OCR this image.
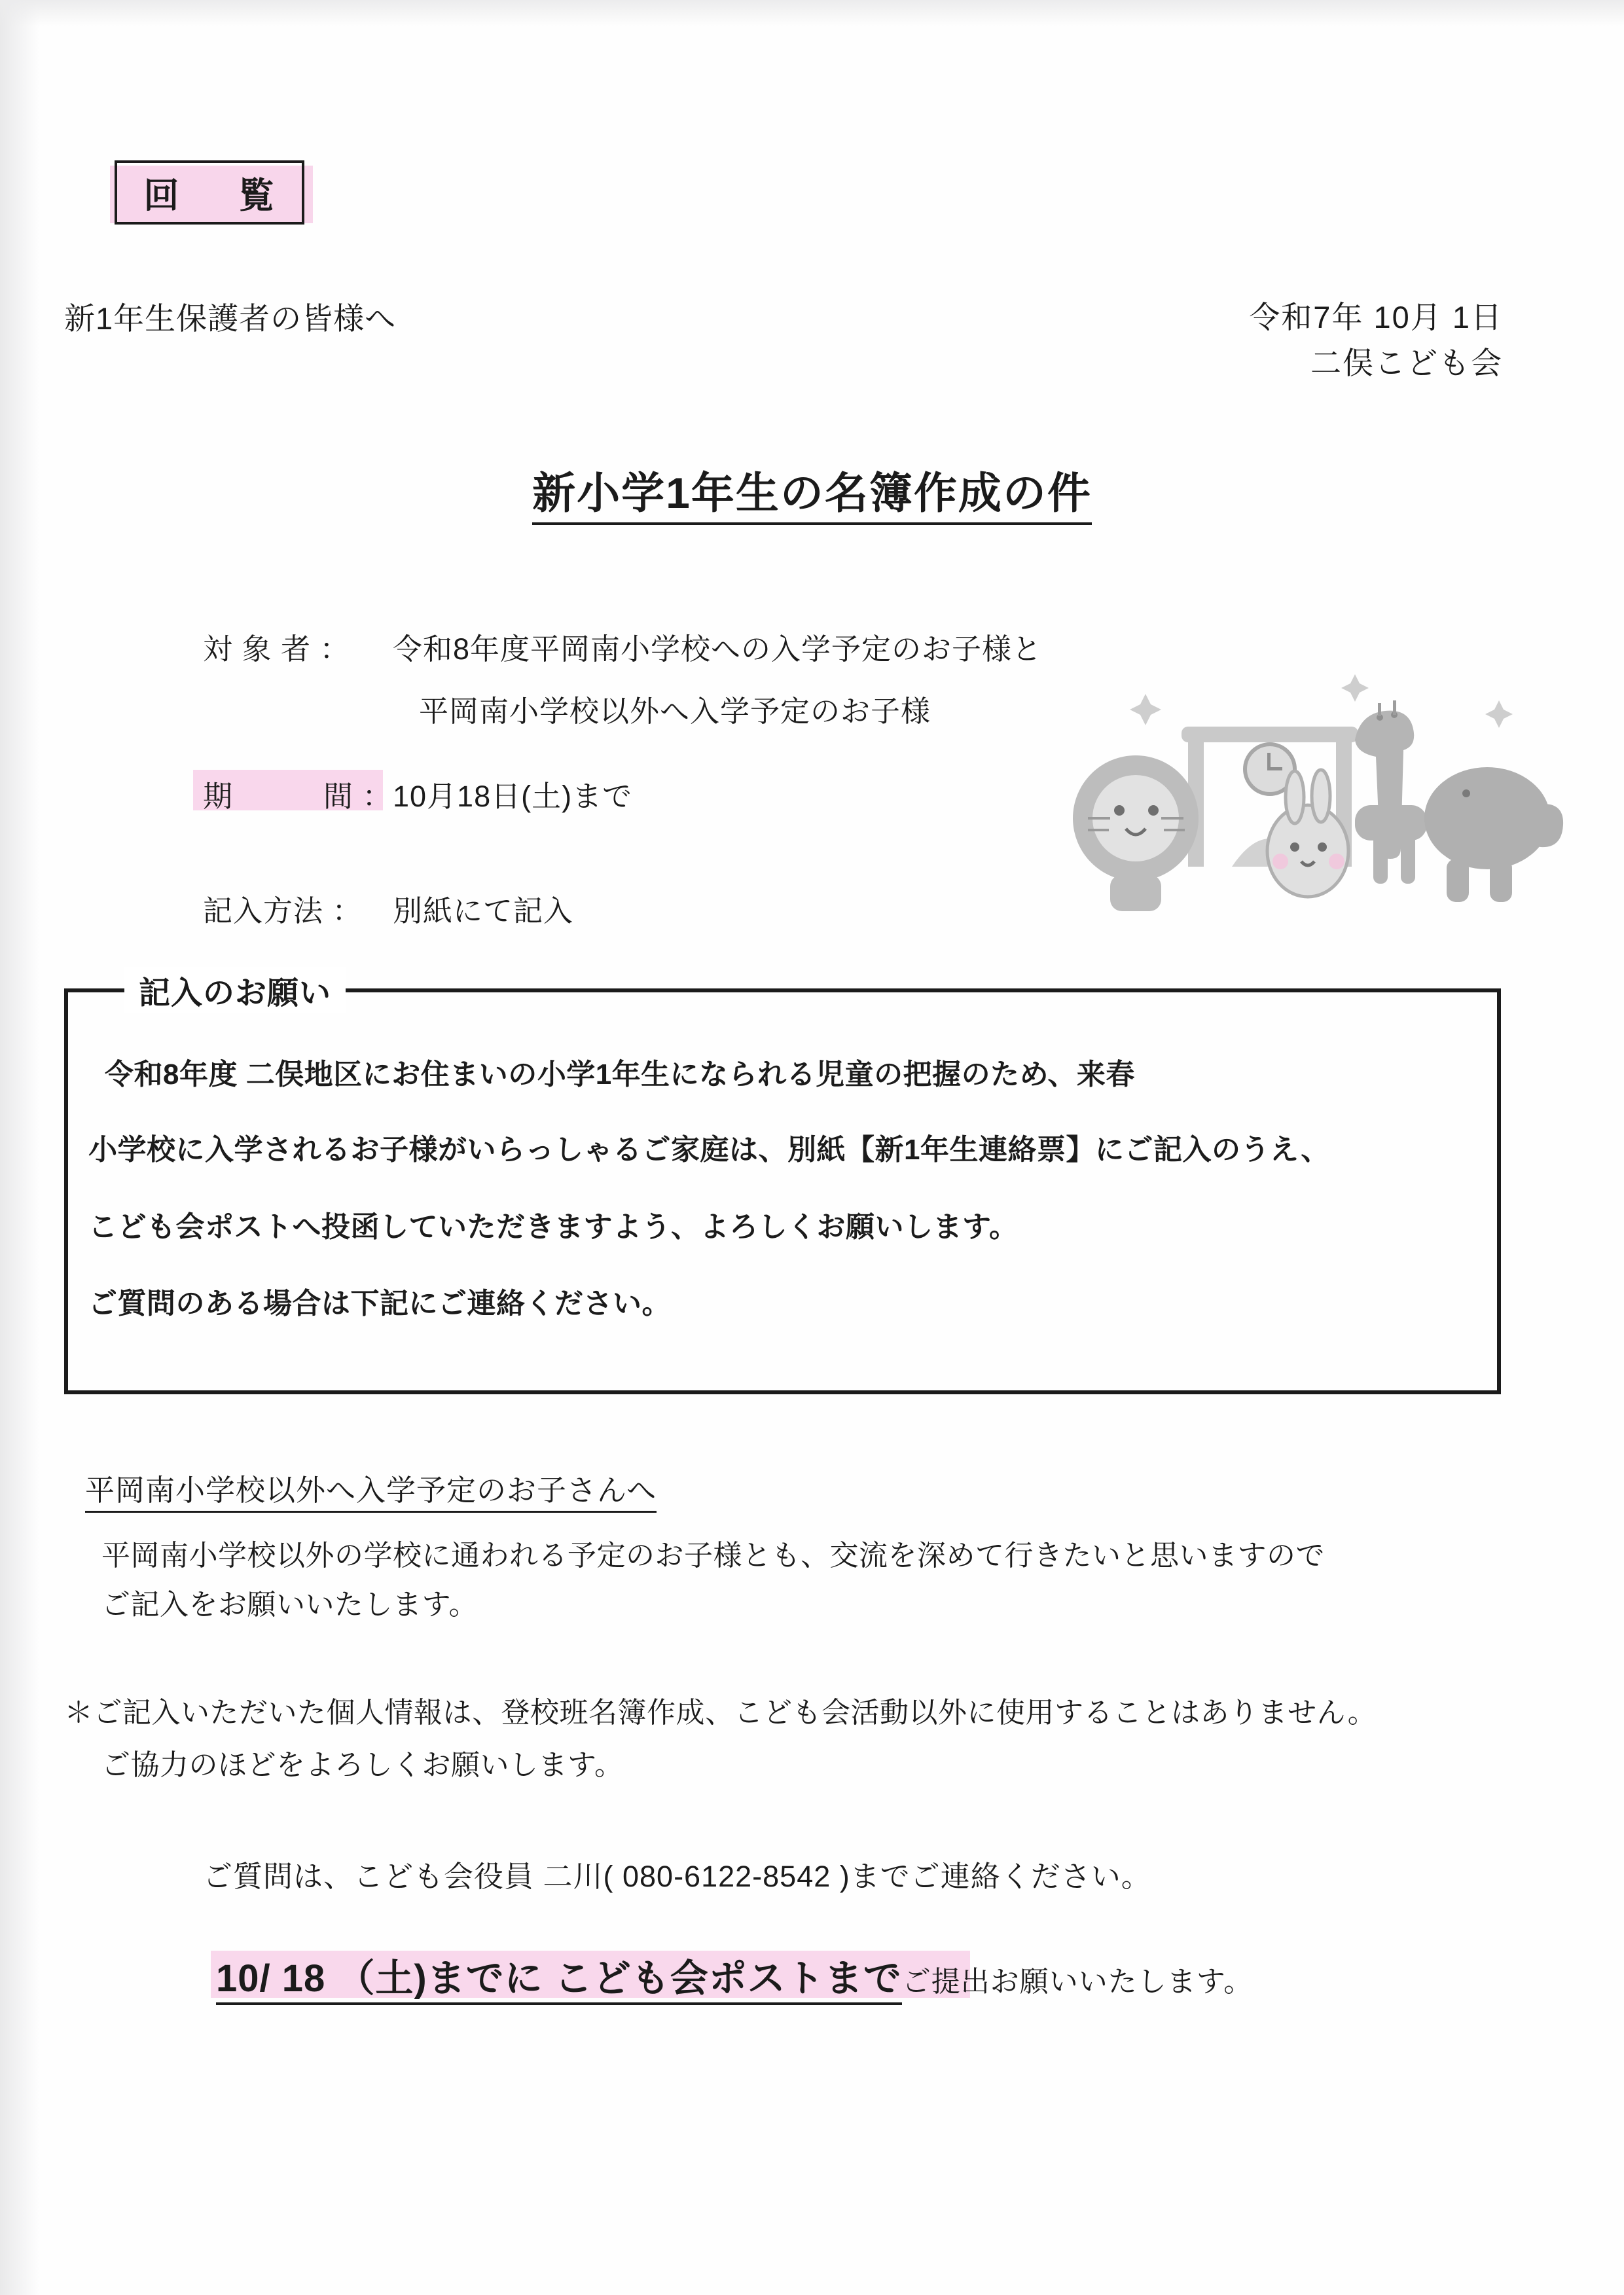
回 覧
新1年生保護者の皆様へ	令和7年 10月 1日
二俣こども会
新小学1年生の名簿作成の件
対 象 者 ： 令和8年度平岡南小学校への入学予定のお子様と
平岡南小学校以外へ入学予定のお子様
期　　　間 ：10月18日(土)まで
記入方法 ： 別紙にて記入
記入のお願い
令和8年度 二俣地区にお住まいの小学1年生になられる児童の把握のため、来春
小学校に入学されるお子様がいらっしゃるご家庭は、別紙【新1年生連絡票】にご記入のうえ、
こども会ポストへ投函していただきますよう、よろしくお願いします。
ご質問のある場合は下記にご連絡ください。
平岡南小学校以外へ入学予定のお子さんへ
平岡南小学校以外の学校に通われる予定のお子様とも、交流を深めて行きたいと思いますので
ご記入をお願いいたします。
＊ご記入いただいた個人情報は、登校班名簿作成、こども会活動以外に使用することはありません。
ご協力のほどをよろしくお願いします。
ご質問は、こども会役員 二川( 080-6122-8542 )までご連絡ください。
10/ 18 （土)までに こども会ポストまでご提出お願いいたします。
